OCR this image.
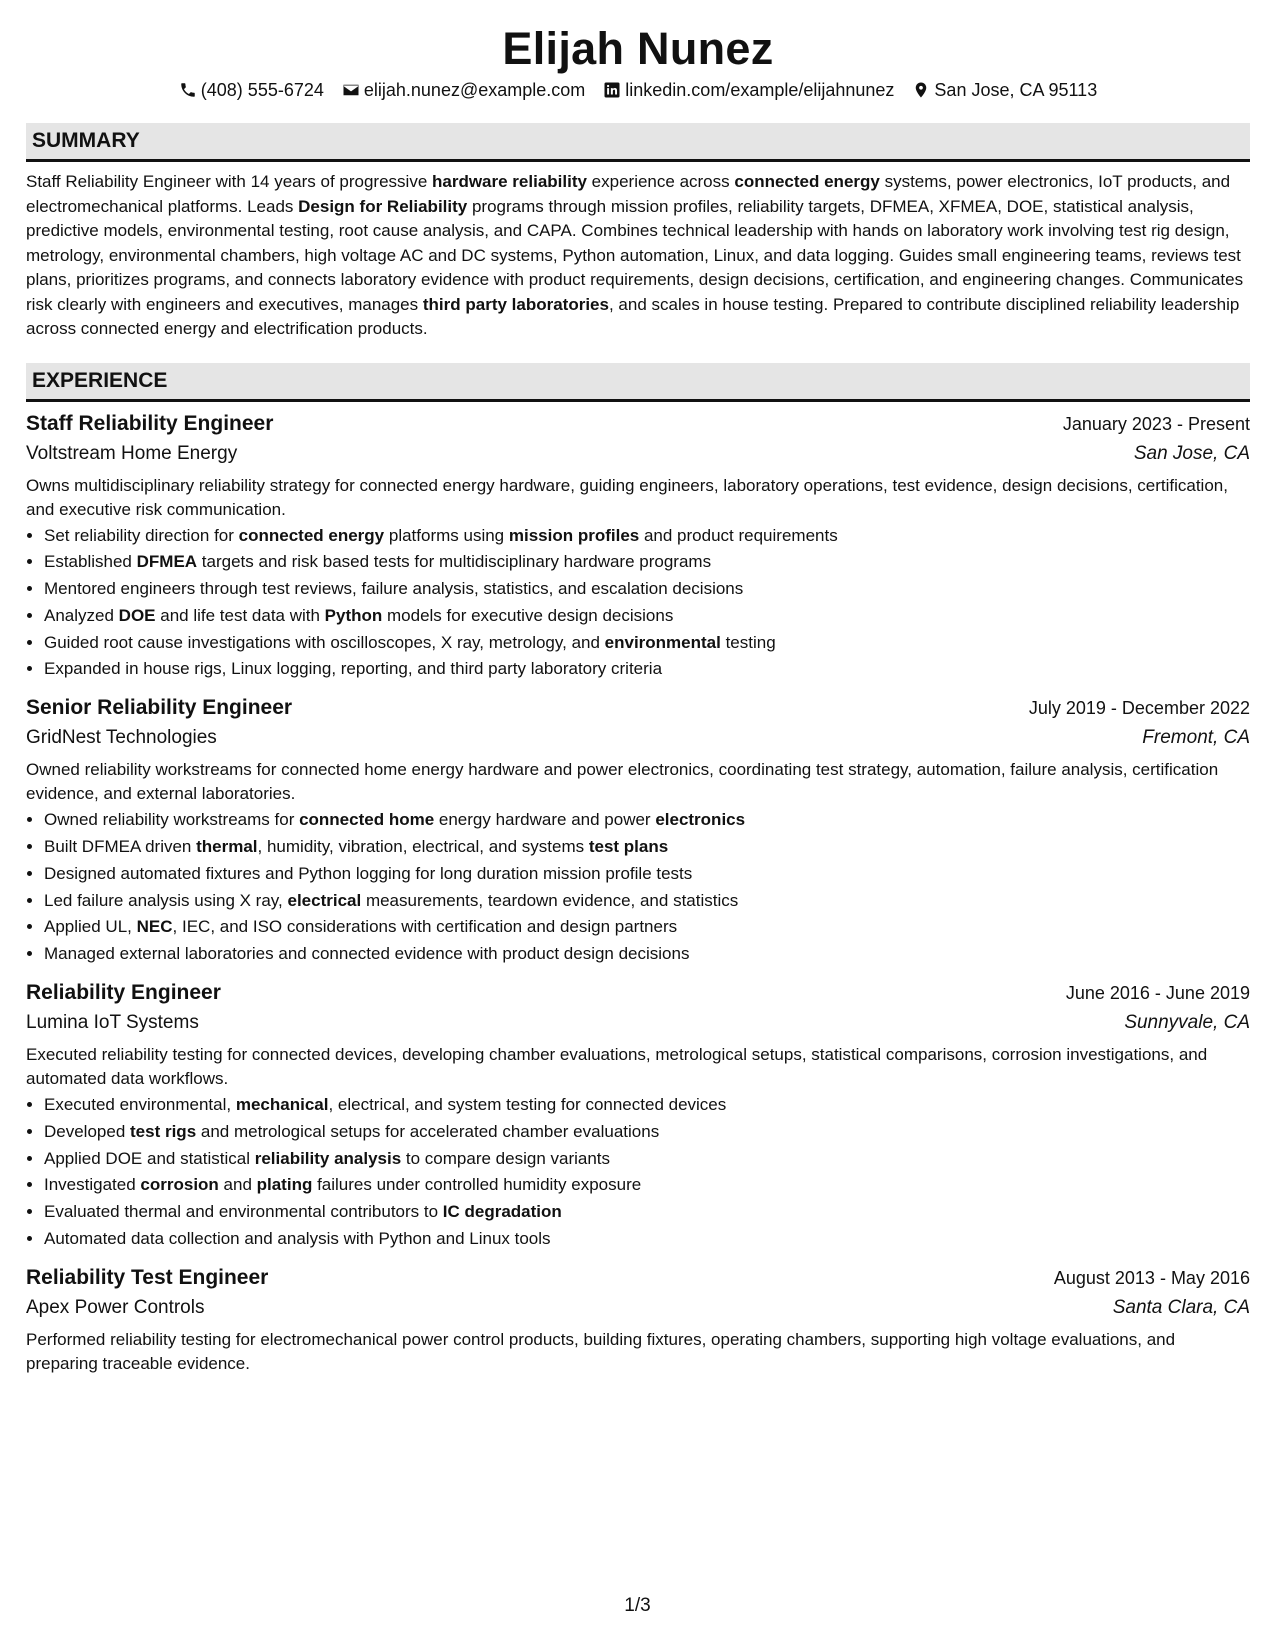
Elijah Nunez
(408) 555-6724 elijah.nunez@example.com linkedin.com/example/elijahnunez San Jose, CA 95113
SUMMARY
Staff Reliability Engineer with 14 years of progressive hardware reliability experience across connected energy systems, power electronics, IoT products, and electromechanical platforms. Leads Design for Reliability programs through mission profiles, reliability targets, DFMEA, XFMEA, DOE, statistical analysis, predictive models, environmental testing, root cause analysis, and CAPA. Combines technical leadership with hands on laboratory work involving test rig design, metrology, environmental chambers, high voltage AC and DC systems, Python automation, Linux, and data logging. Guides small engineering teams, reviews test plans, prioritizes programs, and connects laboratory evidence with product requirements, design decisions, certification, and engineering changes. Communicates risk clearly with engineers and executives, manages third party laboratories, and scales in house testing. Prepared to contribute disciplined reliability leadership across connected energy and electrification products.
EXPERIENCE
Staff Reliability Engineer	January 2023 - Present
Voltstream Home Energy	San Jose, CA
Owns multidisciplinary reliability strategy for connected energy hardware, guiding engineers, laboratory operations, test evidence, design decisions, certification, and executive risk communication.
• Set reliability direction for connected energy platforms using mission profiles and product requirements
• Established DFMEA targets and risk based tests for multidisciplinary hardware programs
• Mentored engineers through test reviews, failure analysis, statistics, and escalation decisions
• Analyzed DOE and life test data with Python models for executive design decisions
• Guided root cause investigations with oscilloscopes, X ray, metrology, and environmental testing
• Expanded in house rigs, Linux logging, reporting, and third party laboratory criteria
Senior Reliability Engineer	July 2019 - December 2022
GridNest Technologies	Fremont, CA
Owned reliability workstreams for connected home energy hardware and power electronics, coordinating test strategy, automation, failure analysis, certification evidence, and external laboratories.
• Owned reliability workstreams for connected home energy hardware and power electronics
• Built DFMEA driven thermal, humidity, vibration, electrical, and systems test plans
• Designed automated fixtures and Python logging for long duration mission profile tests
• Led failure analysis using X ray, electrical measurements, teardown evidence, and statistics
• Applied UL, NEC, IEC, and ISO considerations with certification and design partners
• Managed external laboratories and connected evidence with product design decisions
Reliability Engineer	June 2016 - June 2019
Lumina IoT Systems	Sunnyvale, CA
Executed reliability testing for connected devices, developing chamber evaluations, metrological setups, statistical comparisons, corrosion investigations, and automated data workflows.
• Executed environmental, mechanical, electrical, and system testing for connected devices
• Developed test rigs and metrological setups for accelerated chamber evaluations
• Applied DOE and statistical reliability analysis to compare design variants
• Investigated corrosion and plating failures under controlled humidity exposure
• Evaluated thermal and environmental contributors to IC degradation
• Automated data collection and analysis with Python and Linux tools
Reliability Test Engineer	August 2013 - May 2016
Apex Power Controls	Santa Clara, CA
Performed reliability testing for electromechanical power control products, building fixtures, operating chambers, supporting high voltage evaluations, and preparing traceable evidence.
1/3
